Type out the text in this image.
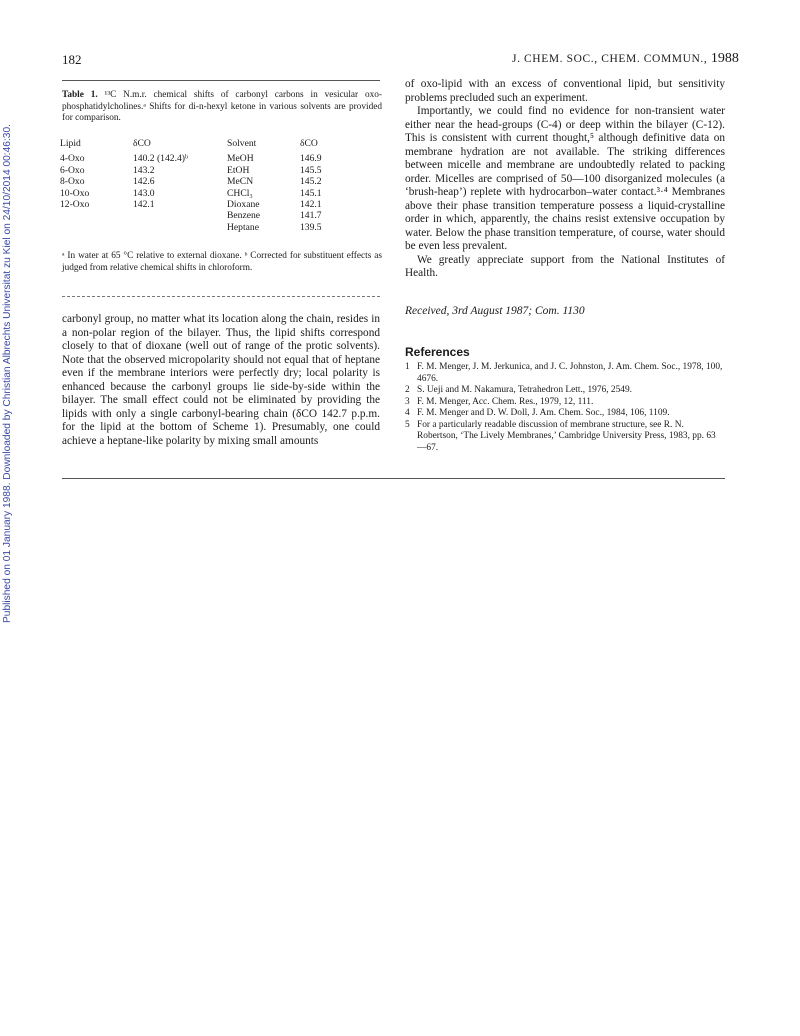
Published on 01 January 1988. Downloaded by Christian Albrechts Universitat zu Kiel on 24/10/2014 00:46:30.
182	J. CHEM. SOC., CHEM. COMMUN., 1988
Table 1. ¹³C N.m.r. chemical shifts of carbonyl carbons in vesicular oxo-phosphatidylcholines.ᵃ Shifts for di-n-hexyl ketone in various solvents are provided for comparison.
Lipid	δCO	Solvent	δCO
4-Oxo	140.2 (142.4)ᵇ	MeOH	146.9
6-Oxo	143.2	EtOH	145.5
8-Oxo	142.6	MeCN	145.2
10-Oxo	143.0	CHCl₃	145.1
12-Oxo	142.1	Dioxane	142.1
		Benzene	141.7
		Heptane	139.5
ᵃ In water at 65 °C relative to external dioxane. ᵇ Corrected for substituent effects as judged from relative chemical shifts in chloroform.

carbonyl group, no matter what its location along the chain, resides in a non-polar region of the bilayer. Thus, the lipid shifts correspond closely to that of dioxane (well out of range of the protic solvents). Note that the observed micropolarity should not equal that of heptane even if the membrane interiors were perfectly dry; local polarity is enhanced because the carbonyl groups lie side-by-side within the bilayer. The small effect could not be eliminated by providing the lipids with only a single carbonyl-bearing chain (δCO 142.7 p.p.m. for the lipid at the bottom of Scheme 1). Presumably, one could achieve a heptane-like polarity by mixing small amounts

of oxo-lipid with an excess of conventional lipid, but sensitivity problems precluded such an experiment.

Importantly, we could find no evidence for non-transient water either near the head-groups (C-4) or deep within the bilayer (C-12). This is consistent with current thought,⁵ although definitive data on membrane hydration are not available. The striking differences between micelle and membrane are undoubtedly related to packing order. Micelles are comprised of 50—100 disorganized molecules (a ‘brush-heap’) replete with hydrocarbon–water contact.³·⁴ Membranes above their phase transition temperature possess a liquid-crystalline order in which, apparently, the chains resist extensive occupation by water. Below the phase transition temperature, of course, water should be even less prevalent.

We greatly appreciate support from the National Institutes of Health.

Received, 3rd August 1987; Com. 1130
References
1 F. M. Menger, J. M. Jerkunica, and J. C. Johnston, J. Am. Chem. Soc., 1978, 100, 4676.
2 S. Ueji and M. Nakamura, Tetrahedron Lett., 1976, 2549.
3 F. M. Menger, Acc. Chem. Res., 1979, 12, 111.
4 F. M. Menger and D. W. Doll, J. Am. Chem. Soc., 1984, 106, 1109.
5 For a particularly readable discussion of membrane structure, see R. N. Robertson, ‘The Lively Membranes,’ Cambridge University Press, 1983, pp. 63—67.
